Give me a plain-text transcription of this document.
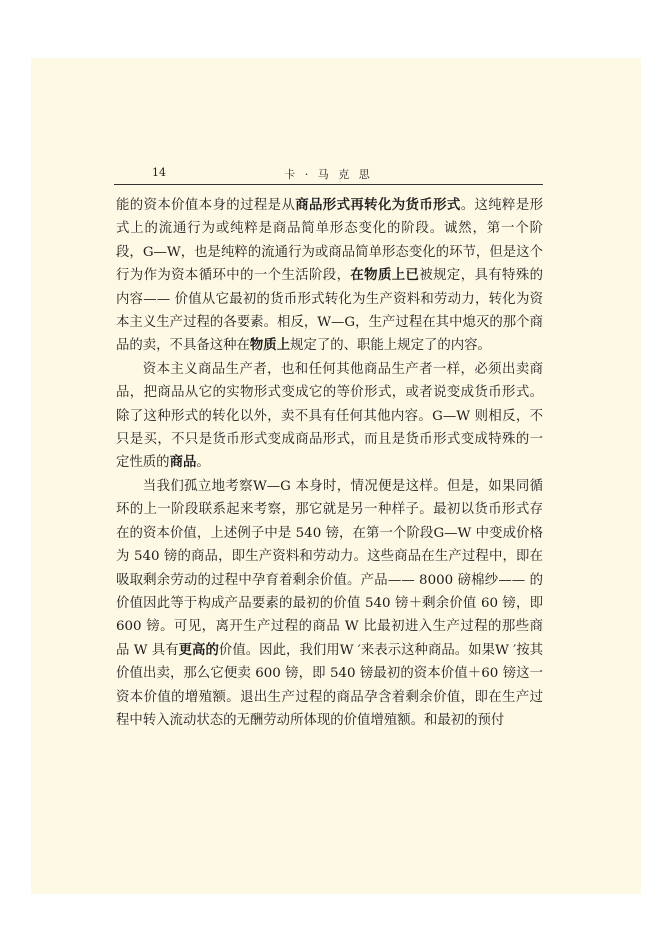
14	卡 · 马 克 思

能的资本价值本身的过程是从商品形式再转化为货币形式。这纯粹是形式上的流通行为或纯粹是商品简单形态变化的阶段。诚然，第一个阶段，G—W，也是纯粹的流通行为或商品简单形态变化的环节，但是这个行为作为资本循环中的一个生活阶段，在物质上已被规定，具有特殊的内容—— 价值从它最初的货币形式转化为生产资料和劳动力，转化为资本主义生产过程的各要素。相反，W—G，生产过程在其中熄灭的那个商品的卖，不具备这种在物质上规定了的、职能上规定了的内容。

资本主义商品生产者，也和任何其他商品生产者一样，必须出卖商品，把商品从它的实物形式变成它的等价形式，或者说变成货币形式。除了这种形式的转化以外，卖不具有任何其他内容。G—W 则相反，不只是买，不只是货币形式变成商品形式，而且是货币形式变成特殊的一定性质的商品。

当我们孤立地考察W—G 本身时，情况便是这样。但是，如果同循环的上一阶段联系起来考察，那它就是另一种样子。最初以货币形式存在的资本价值，上述例子中是 540 镑，在第一个阶段G—W 中变成价格为 540 镑的商品，即生产资料和劳动力。这些商品在生产过程中，即在吸取剩余劳动的过程中孕育着剩余价值。产品—— 8000 磅棉纱—— 的价值因此等于构成产品要素的最初的价值 540 镑＋剩余价值 60 镑，即 600 镑。可见，离开生产过程的商品 W 比最初进入生产过程的那些商品 W 具有更高的价值。因此，我们用W ′来表示这种商品。如果W ′按其价值出卖，那么它便卖 600 镑，即 540 镑最初的资本价值＋60 镑这一资本价值的增殖额。退出生产过程的商品孕含着剩余价值，即在生产过程中转入流动状态的无酬劳动所体现的价值增殖额。和最初的预付
